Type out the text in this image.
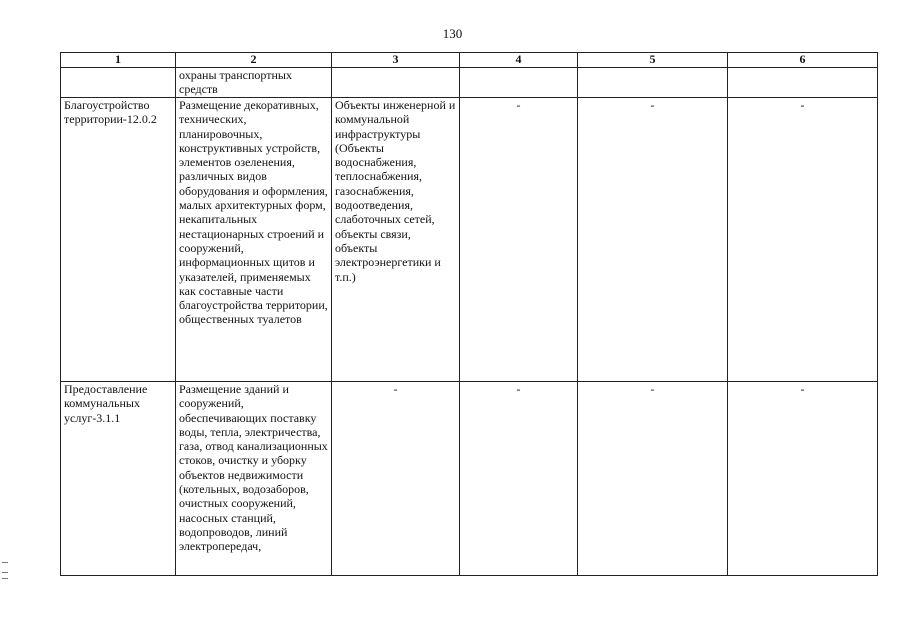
130
1	2	3	4	5	6
	охраны транспортных средств				
Благоустройство территории-12.0.2	Размещение декоративных, технических, планировочных, конструктивных устройств, элементов озеленения, различных видов оборудования и оформления, малых архитектурных форм, некапитальных нестационарных строений и сооружений, информационных щитов и указателей, применяемых как составные части благоустройства территории, общественных туалетов	Объекты инженерной и коммунальной инфраструктуры (Объекты водоснабжения, теплоснабжения, газоснабжения, водоотведения, слаботочных сетей, объекты связи, объекты электроэнергетики и т.п.)	-	-	-
Предоставление коммунальных услуг-3.1.1	Размещение зданий и сооружений, обеспечивающих поставку воды, тепла, электричества, газа, отвод канализационных стоков, очистку и уборку объектов недвижимости (котельных, водозаборов, очистных сооружений, насосных станций, водопроводов, линий электропередач,	-	-	-	-
